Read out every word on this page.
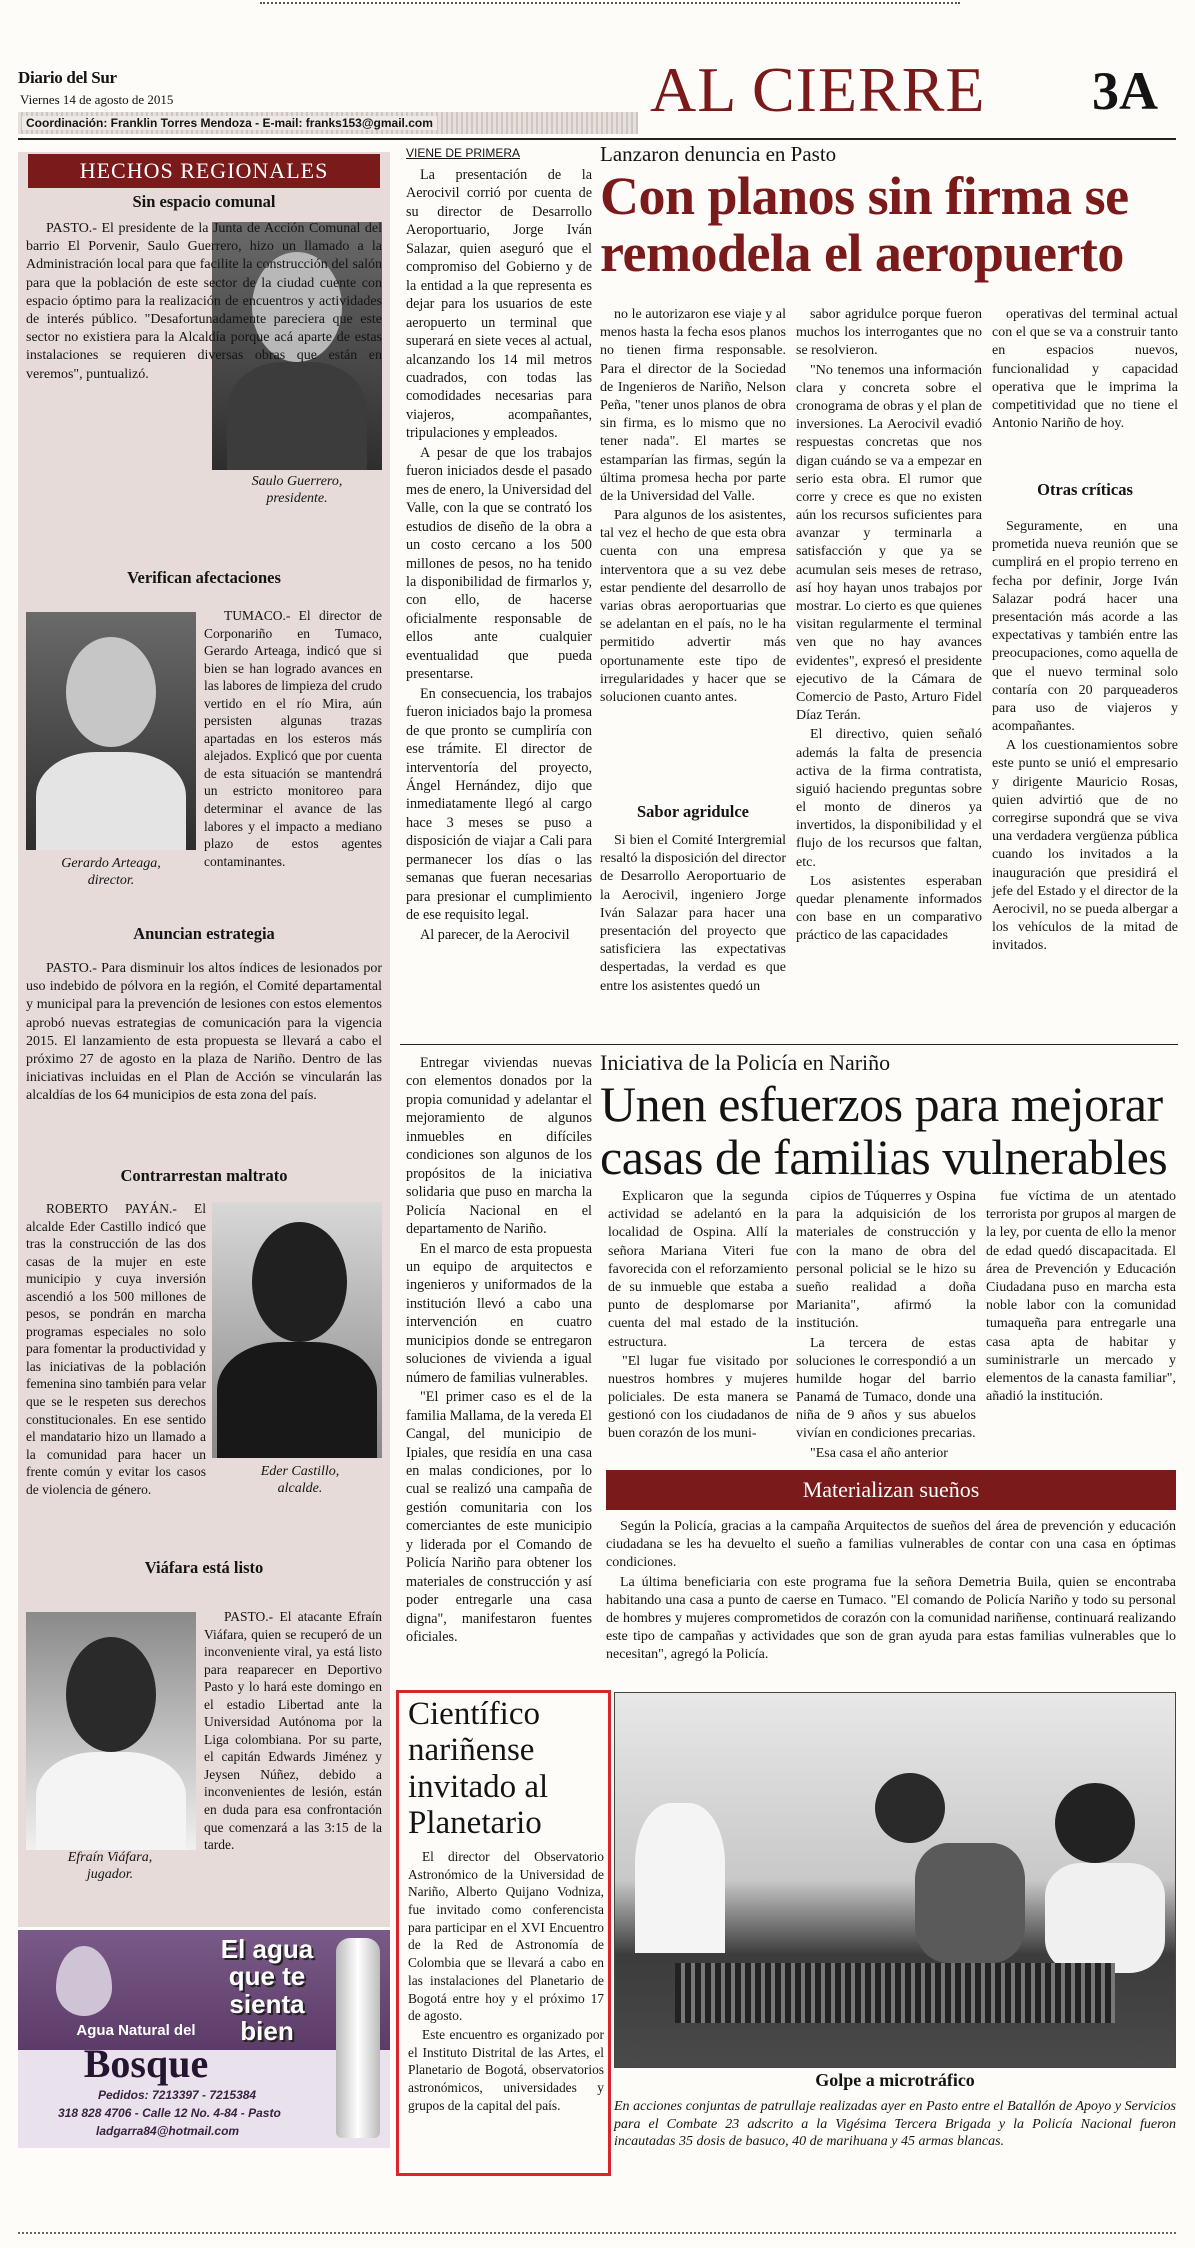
Diario del Sur
Viernes 14 de agosto de 2015
Coordinación: Franklin Torres Mendoza - E-mail: franks153@gmail.com	AL CIERRE 3A
HECHOS REGIONALES
Sin espacio comunal
Saulo Guerrero, presidente.
PASTO.- El presidente de la Junta de Acción Comunal del barrio El Porvenir, Saulo Guerrero, hizo un llamado a la Administración local para que facilite la construcción del salón para que la población de este sector de la ciudad cuente con espacio óptimo para la realización de encuentros y actividades de interés público. "Desafortunadamente pareciera que este sector no existiera para la Alcaldía porque acá aparte de estas instalaciones se requieren diversas obras que están en veremos", puntualizó.
Verifican afectaciones
Gerardo Arteaga, director.
TUMACO.- El director de Corponariño en Tumaco, Gerardo Arteaga, indicó que si bien se han logrado avances en las labores de limpieza del crudo vertido en el río Mira, aún persisten algunas trazas apartadas en los esteros más alejados. Explicó que por cuenta de esta situación se mantendrá un estricto monitoreo para determinar el avance de las labores y el impacto a mediano plazo de estos agentes contaminantes.
Anuncian estrategia
PASTO.- Para disminuir los altos índices de lesionados por uso indebido de pólvora en la región, el Comité departamental y municipal para la prevención de lesiones con estos elementos aprobó nuevas estrategias de comunicación para la vigencia 2015. El lanzamiento de esta propuesta se llevará a cabo el próximo 27 de agosto en la plaza de Nariño. Dentro de las iniciativas incluidas en el Plan de Acción se vincularán las alcaldías de los 64 municipios de esta zona del país.
Contrarrestan maltrato
Eder Castillo, alcalde.
ROBERTO PAYÁN.- El alcalde Eder Castillo indicó que tras la construcción de las dos casas de la mujer en este municipio y cuya inversión ascendió a los 500 millones de pesos, se pondrán en marcha programas especiales no solo para fomentar la productividad y las iniciativas de la población femenina sino también para velar que se le respeten sus derechos constitucionales. En ese sentido el mandatario hizo un llamado a la comunidad para hacer un frente común y evitar los casos de violencia de género.
Viáfara está listo
Efraín Viáfara, jugador.
PASTO.- El atacante Efraín Viáfara, quien se recuperó de un inconveniente viral, ya está listo para reaparecer en Deportivo Pasto y lo hará este domingo en el estadio Libertad ante la Universidad Autónoma por la Liga colombiana. Por su parte, el capitán Edwards Jiménez y Jeysen Núñez, debido a inconvenientes de lesión, están en duda para esa confrontación que comenzará a las 3:15 de la tarde.
El agua que te sienta bien
Agua Natural del
Bosque
Pedidos: 7213397 - 7215384
318 828 4706 - Calle 12 No. 4-84 - Pasto
ladgarra84@hotmail.com
VIENE DE PRIMERA

La presentación de la Aerocivil corrió por cuenta de su director de Desarrollo Aeroportuario, Jorge Iván Salazar, quien aseguró que el compromiso del Gobierno y de la entidad a la que representa es dejar para los usuarios de este aeropuerto un terminal que superará en siete veces al actual, alcanzando los 14 mil metros cuadrados, con todas las comodidades necesarias para viajeros, acompañantes, tripulaciones y empleados.

A pesar de que los trabajos fueron iniciados desde el pasado mes de enero, la Universidad del Valle, con la que se contrató los estudios de diseño de la obra a un costo cercano a los 500 millones de pesos, no ha tenido la disponibilidad de firmarlos y, con ello, de hacerse oficialmente responsable de ellos ante cualquier eventualidad que pueda presentarse.

En consecuencia, los trabajos fueron iniciados bajo la promesa de que pronto se cumpliría con ese trámite. El director de interventoría del proyecto, Ángel Hernández, dijo que inmediatamente llegó al cargo hace 3 meses se puso a disposición de viajar a Cali para permanecer los días o las semanas que fueran necesarias para presionar el cumplimiento de ese requisito legal.

Al parecer, de la Aerocivil

Lanzaron denuncia en Pasto
Con planos sin firma se remodela el aeropuerto

no le autorizaron ese viaje y al menos hasta la fecha esos planos no tienen firma responsable. Para el director de la Sociedad de Ingenieros de Nariño, Nelson Peña, "tener unos planos de obra sin firma, es lo mismo que no tener nada". El martes se estamparían las firmas, según la última promesa hecha por parte de la Universidad del Valle.

Para algunos de los asistentes, tal vez el hecho de que esta obra cuenta con una empresa interventora que a su vez debe estar pendiente del desarrollo de varias obras aeroportuarias que se adelantan en el país, no le ha permitido advertir más oportunamente este tipo de irregularidades y hacer que se solucionen cuanto antes.

Sabor agridulce

Si bien el Comité Intergremial resaltó la disposición del director de Desarrollo Aeroportuario de la Aerocivil, ingeniero Jorge Iván Salazar para hacer una presentación del proyecto que satisficiera las expectativas despertadas, la verdad es que entre los asistentes quedó un

sabor agridulce porque fueron muchos los interrogantes que no se resolvieron.

"No tenemos una información clara y concreta sobre el cronograma de obras y el plan de inversiones. La Aerocivil evadió respuestas concretas que nos digan cuándo se va a empezar en serio esta obra. El rumor que corre y crece es que no existen aún los recursos suficientes para avanzar y terminarla a satisfacción y que ya se acumulan seis meses de retraso, así hoy hayan unos trabajos por mostrar. Lo cierto es que quienes visitan regularmente el terminal ven que no hay avances evidentes", expresó el presidente ejecutivo de la Cámara de Comercio de Pasto, Arturo Fidel Díaz Terán.

El directivo, quien señaló además la falta de presencia activa de la firma contratista, siguió haciendo preguntas sobre el monto de dineros ya invertidos, la disponibilidad y el flujo de los recursos que faltan, etc.

Los asistentes esperaban quedar plenamente informados con base en un comparativo práctico de las capacidades

operativas del terminal actual con el que se va a construir tanto en espacios nuevos, funcionalidad y capacidad operativa que le imprima la competitividad que no tiene el Antonio Nariño de hoy.

Otras críticas

Seguramente, en una prometida nueva reunión que se cumplirá en el propio terreno en fecha por definir, Jorge Iván Salazar podrá hacer una presentación más acorde a las expectativas y también entre las preocupaciones, como aquella de que el nuevo terminal solo contaría con 20 parqueaderos para uso de viajeros y acompañantes.

A los cuestionamientos sobre este punto se unió el empresario y dirigente Mauricio Rosas, quien advirtió que de no corregirse supondrá que se viva una verdadera vergüenza pública cuando los invitados a la inauguración que presidirá el jefe del Estado y el director de la Aerocivil, no se pueda albergar a los vehículos de la mitad de invitados.

Entregar viviendas nuevas con elementos donados por la propia comunidad y adelantar el mejoramiento de algunos inmuebles en difíciles condiciones son algunos de los propósitos de la iniciativa solidaria que puso en marcha la Policía Nacional en el departamento de Nariño.

En el marco de esta propuesta un equipo de arquitectos e ingenieros y uniformados de la institución llevó a cabo una intervención en cuatro municipios donde se entregaron soluciones de vivienda a igual número de familias vulnerables.

"El primer caso es el de la familia Mallama, de la vereda El Cangal, del municipio de Ipiales, que residía en una casa en malas condiciones, por lo cual se realizó una campaña de gestión comunitaria con los comerciantes de este municipio y liderada por el Comando de Policía Nariño para obtener los materiales de construcción y así poder entregarle una casa digna", manifestaron fuentes oficiales.

Iniciativa de la Policía en Nariño
Unen esfuerzos para mejorar casas de familias vulnerables

Explicaron que la segunda actividad se adelantó en la localidad de Ospina. Allí la señora Mariana Viteri fue favorecida con el reforzamiento de su inmueble que estaba a punto de desplomarse por cuenta del mal estado de la estructura.

"El lugar fue visitado por nuestros hombres y mujeres policiales. De esta manera se gestionó con los ciudadanos de buen corazón de los muni-

cipios de Túquerres y Ospina para la adquisición de los materiales de construcción y con la mano de obra del personal policial se le hizo su sueño realidad a doña Marianita", afirmó la institución.

La tercera de estas soluciones le correspondió a un humilde hogar del barrio Panamá de Tumaco, donde una niña de 9 años y sus abuelos vivían en condiciones precarias.

"Esa casa el año anterior

fue víctima de un atentado terrorista por grupos al margen de la ley, por cuenta de ello la menor de edad quedó discapacitada. El área de Prevención y Educación Ciudadana puso en marcha esta noble labor con la comunidad tumaqueña para entregarle una casa apta de habitar y suministrarle un mercado y elementos de la canasta familiar", añadió la institución.

Materializan sueños

Según la Policía, gracias a la campaña Arquitectos de sueños del área de prevención y educación ciudadana se les ha devuelto el sueño a familias vulnerables de contar con una casa en óptimas condiciones.

La última beneficiaria con este programa fue la señora Demetria Buila, quien se encontraba habitando una casa a punto de caerse en Tumaco. "El comando de Policía Nariño y todo su personal de hombres y mujeres comprometidos de corazón con la comunidad nariñense, continuará realizando este tipo de campañas y actividades que son de gran ayuda para estas familias vulnerables que lo necesitan", agregó la Policía.

Científico nariñense invitado al Planetario

El director del Observatorio Astronómico de la Universidad de Nariño, Alberto Quijano Vodniza, fue invitado como conferencista para participar en el XVI Encuentro de la Red de Astronomía de Colombia que se llevará a cabo en las instalaciones del Planetario de Bogotá entre hoy y el próximo 17 de agosto.

Este encuentro es organizado por el Instituto Distrital de las Artes, el Planetario de Bogotá, observatorios astronómicos, universidades y grupos de la capital del país.

Golpe a microtráfico
En acciones conjuntas de patrullaje realizadas ayer en Pasto entre el Batallón de Apoyo y Servicios para el Combate 23 adscrito a la Vigésima Tercera Brigada y la Policía Nacional fueron incautadas 35 dosis de basuco, 40 de marihuana y 45 armas blancas.
